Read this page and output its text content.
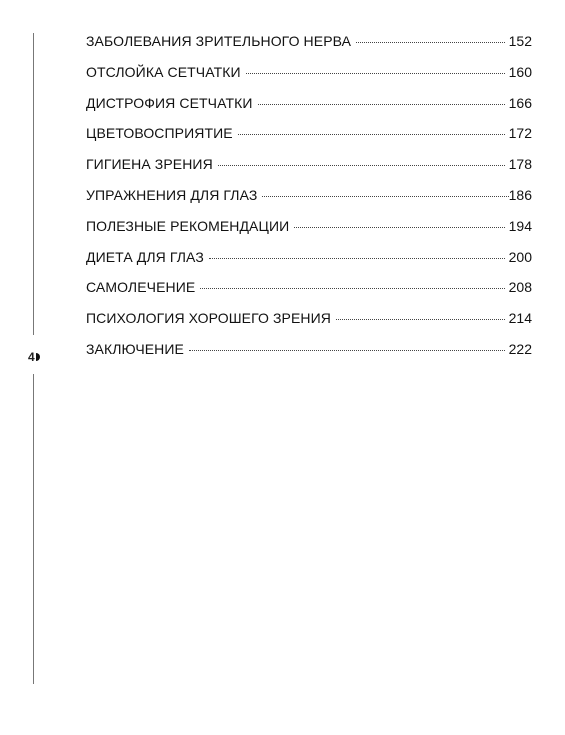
4
ЗАБОЛЕВАНИЯ ЗРИТЕЛЬНОГО НЕРВА	152
ОТСЛОЙКА СЕТЧАТКИ	160
ДИСТРОФИЯ СЕТЧАТКИ	166
ЦВЕТОВОСПРИЯТИЕ	172
ГИГИЕНА ЗРЕНИЯ	178
УПРАЖНЕНИЯ ДЛЯ ГЛАЗ	186
ПОЛЕЗНЫЕ РЕКОМЕНДАЦИИ	194
ДИЕТА ДЛЯ ГЛАЗ	200
САМОЛЕЧЕНИЕ	208
ПСИХОЛОГИЯ ХОРОШЕГО ЗРЕНИЯ	214
ЗАКЛЮЧЕНИЕ	222
